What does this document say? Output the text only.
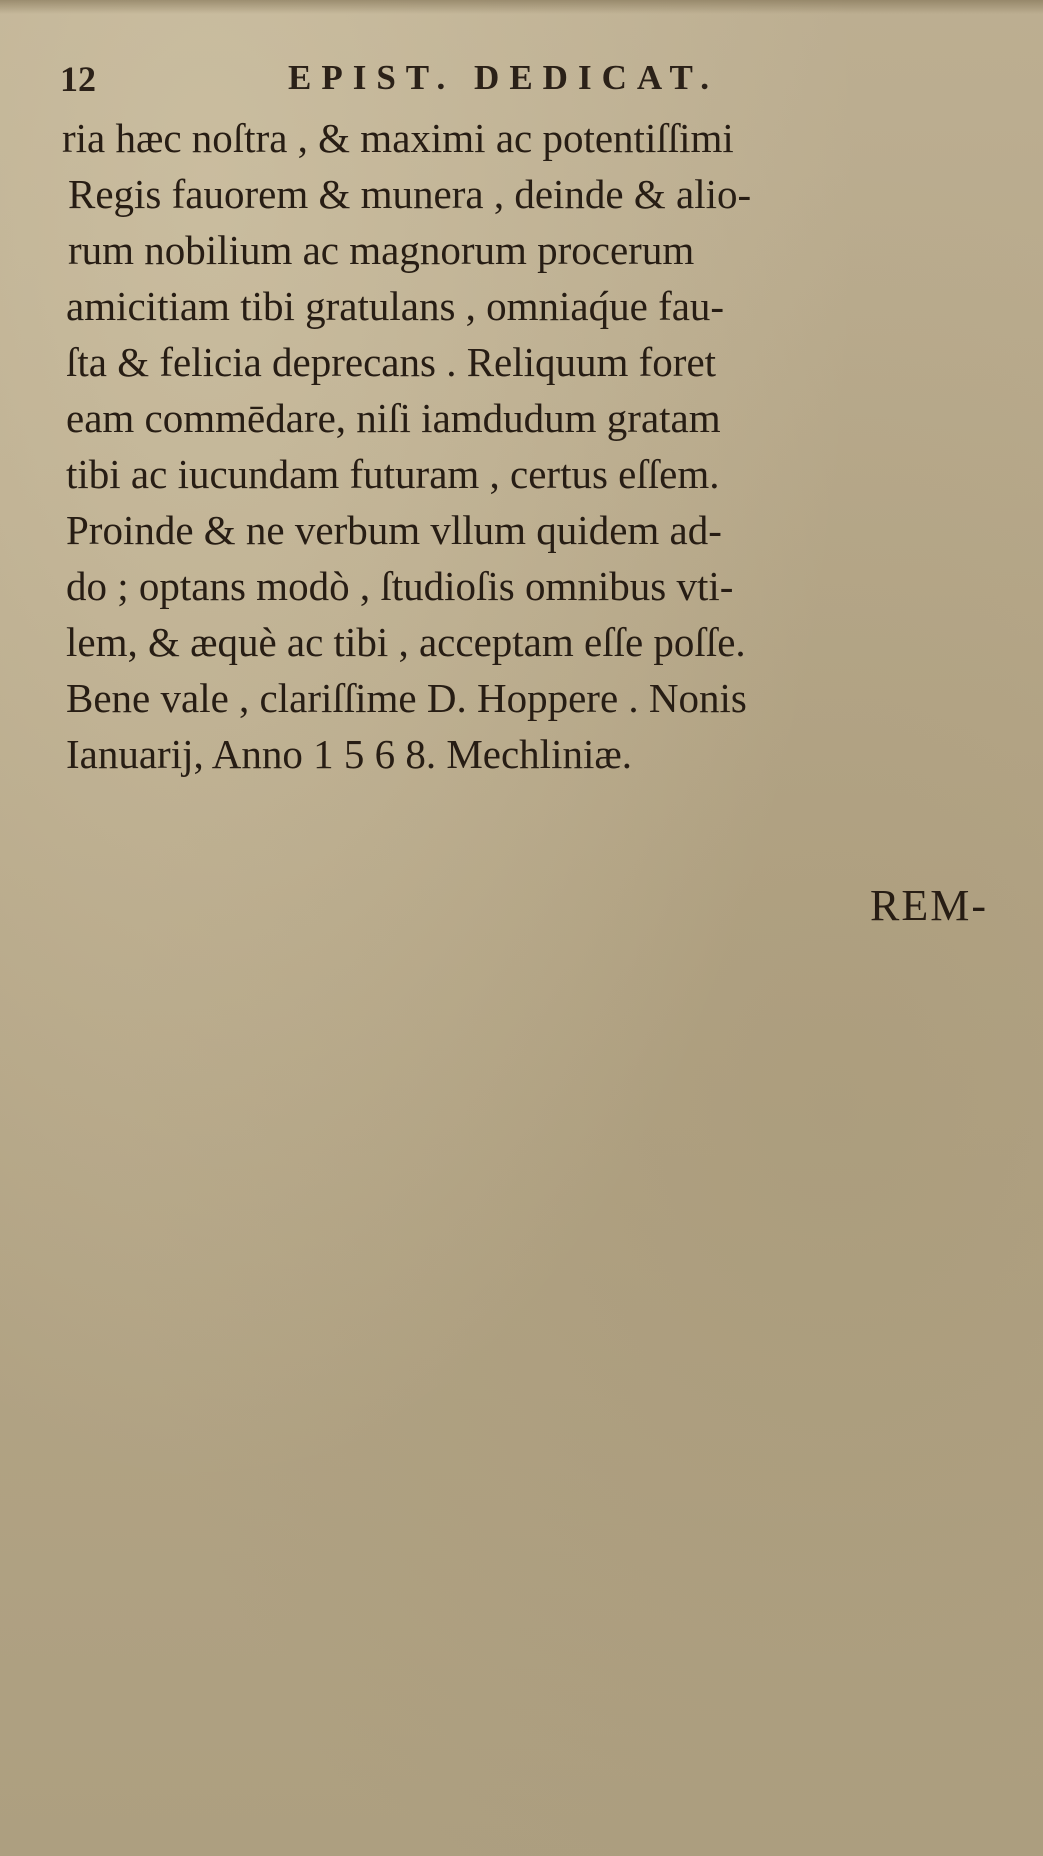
12	EPIST. DEDICAT.
ria hæc noſtra , & maximi ac potentiſſimi
Regis fauorem & munera , deinde & alio-
rum nobilium ac magnorum procerum
amicitiam tibi gratulans , omniaq́ue fau-
ſta & felicia deprecans . Reliquum foret
eam commēdare, niſi iamdudum gratam
tibi ac iucundam futuram , certus eſſem.
Proinde & ne verbum vllum quidem ad-
do ; optans modò , ſtudioſis omnibus vti-
lem, & æquè ac tibi , acceptam eſſe poſſe.
Bene vale , clariſſime D. Hoppere . Nonis
Ianuarij, Anno 1 5 6 8. Mechliniæ.
REM-
